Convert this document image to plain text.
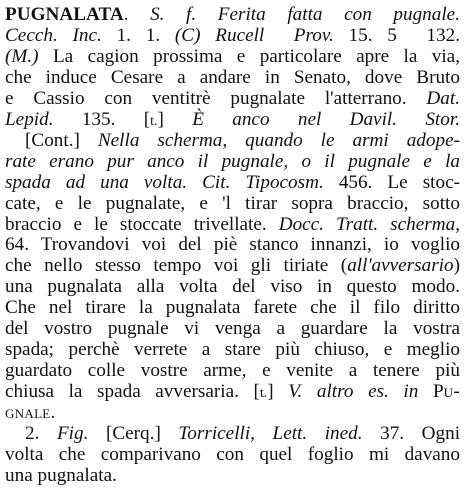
PUGNALATA. S. f. Ferita fatta con pugnale.
Cecch. Inc. 1. 1. (C) Rucell  Prov. 15. 5  132.
(M.) La cagion prossima e particolare apre la via,
che induce Cesare a andare in Senato, dove Bruto
e Cassio con ventitrè pugnalate l'atterrano. Dat.
Lepid. 135. [t.] È anco nel Davil. Stor.
[Cont.] Nella scherma, quando le armi adope-
rate erano pur anco il pugnale, o il pugnale e la
spada ad una volta. Cit. Tipocosm. 456. Le stoc-
cate, e le pugnalate, e 'l tirar sopra braccio, sotto
braccio e le stoccate trivellate. Docc. Tratt. scherma,
64. Trovandovi voi del piè stanco innanzi, io voglio
che nello stesso tempo voi gli tiriate (all'avversario)
una pugnalata alla volta del viso in questo modo.
Che nel tirare la pugnalata farete che il filo diritto
del vostro pugnale vi venga a guardare la vostra
spada; perchè verrete a stare più chiuso, e meglio
guardato colle vostre arme, e venite a tenere più
chiusa la spada avversaria. [t.] V. altro es. in Pu-
gnale.
2. Fig. [Cerq.] Torricelli, Lett. ined. 37. Ogni
volta che comparivano con quel foglio mi davano
una pugnalata.
